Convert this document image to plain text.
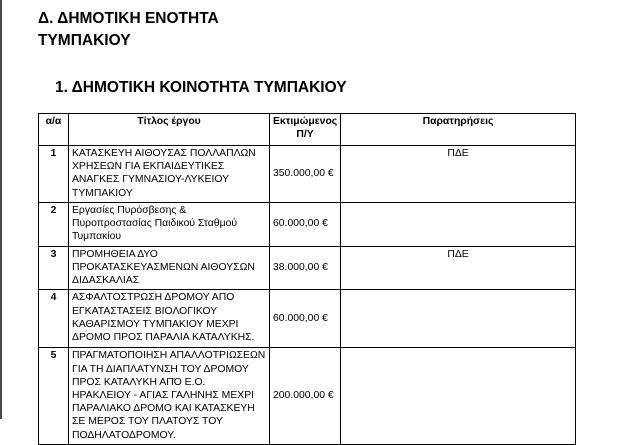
Δ. ΔΗΜΟΤΙΚΗ ΕΝΟΤΗΤΑ
ΤΥΜΠΑΚΙΟΥ
1. ΔΗΜΟΤΙΚΗ ΚΟΙΝΟΤΗΤΑ ΤΥΜΠΑΚΙΟΥ
α/α	Τίτλος έργου	Εκτιμώμενος Π/Υ	Παρατηρήσεις
1	ΚΑΤΑΣΚΕΥΗ ΑΙΘΟΥΣΑΣ ΠΟΛΛΑΠΛΩΝ ΧΡΗΣΕΩΝ ΓΙΑ ΕΚΠΑΙΔΕΥΤΙΚΕΣ ΑΝΑΓΚΕΣ ΓΥΜΝΑΣΙΟΥ-ΛΥΚΕΙΟΥ ΤΥΜΠΑΚΙΟΥ	350.000,00 €	ΠΔΕ
2	Εργασίες Πυρόσβεσης & Πυροπροστασίας Παιδικού Σταθμού Τυμπακίου	60.000,00 €	
3	ΠΡΟΜΗΘΕΙΑ ΔΥΟ ΠΡΟΚΑΤΑΣΚΕΥΑΣΜΕΝΩΝ ΑΙΘΟΥΣΩΝ ΔΙΔΑΣΚΑΛΙΑΣ	38.000,00 €	ΠΔΕ
4	ΑΣΦΑΛΤΟΣΤΡΩΣΗ ΔΡΟΜΟΥ ΑΠΟ ΕΓΚΑΤΑΣΤΑΣΕΙΣ ΒΙΟΛΟΓΙΚΟΥ ΚΑΘΑΡΙΣΜΟΥ ΤΥΜΠΑΚΙΟΥ ΜΕΧΡΙ ΔΡΟΜΟ ΠΡΟΣ ΠΑΡΑΛΙΑ ΚΑΤΑΛΥΚΗΣ.	60.000,00 €	
5	ΠΡΑΓΜΑΤΟΠΟΙΗΣΗ ΑΠΑΛΛΟΤΡΙΩΣΕΩΝ ΓΙΑ ΤΗ ΔΙΑΠΛΑΤΥΝΣΗ ΤΟΥ ΔΡΟΜΟΥ ΠΡΟΣ ΚΑΤΑΛΥΚΗ ΑΠΌ Ε.Ο. ΗΡΑΚΛΕΙΟΥ - ΑΓΙΑΣ ΓΑΛΗΝΗΣ ΜΕΧΡΙ ΠΑΡΑΛΙΑΚΟ ΔΡΟΜΟ ΚΑΙ ΚΑΤΑΣΚΕΥΗ ΣΕ ΜΕΡΟΣ ΤΟΥ ΠΛΑΤΟΥΣ ΤΟΥ ΠΟΔΗΛΑΤΟΔΡΟΜΟΥ.	200.000,00 €	
